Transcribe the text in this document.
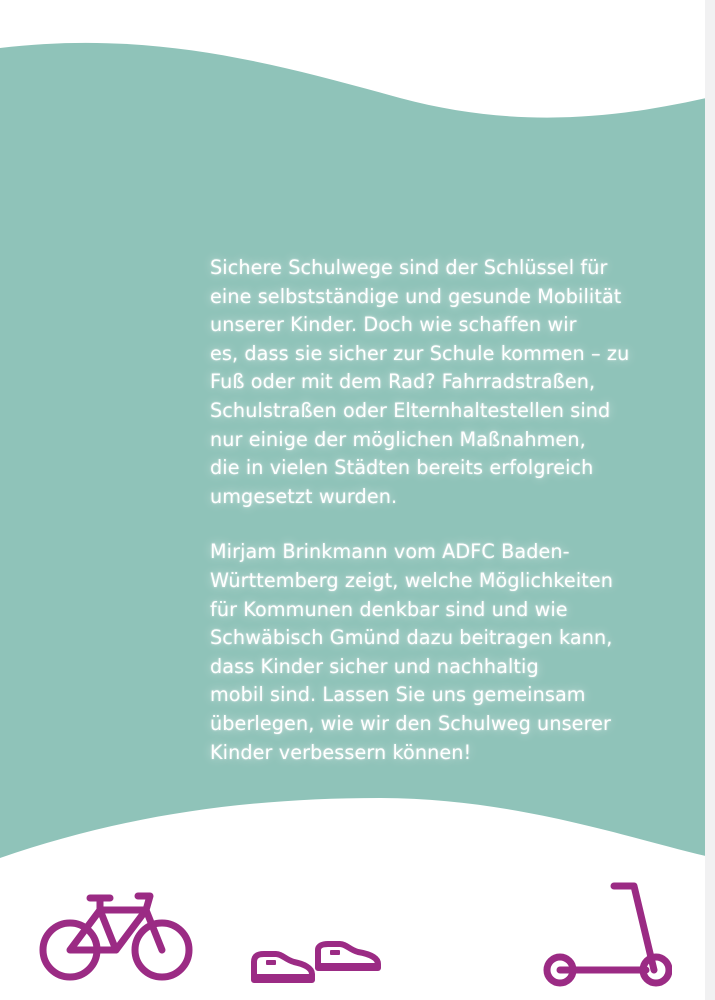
Sichere Schulwege sind der Schlüssel für
eine selbstständige und gesunde Mobilität
unserer Kinder. Doch wie schaffen wir
es, dass sie sicher zur Schule kommen – zu
Fuß oder mit dem Rad? Fahrradstraßen,
Schulstraßen oder Elternhaltestellen sind
nur einige der möglichen Maßnahmen,
die in vielen Städten bereits erfolgreich
umgesetzt wurden.

Mirjam Brinkmann vom ADFC Baden-
Württemberg zeigt, welche Möglichkeiten
für Kommunen denkbar sind und wie
Schwäbisch Gmünd dazu beitragen kann,
dass Kinder sicher und nachhaltig
mobil sind. Lassen Sie uns gemeinsam
überlegen, wie wir den Schulweg unserer
Kinder verbessern können!
